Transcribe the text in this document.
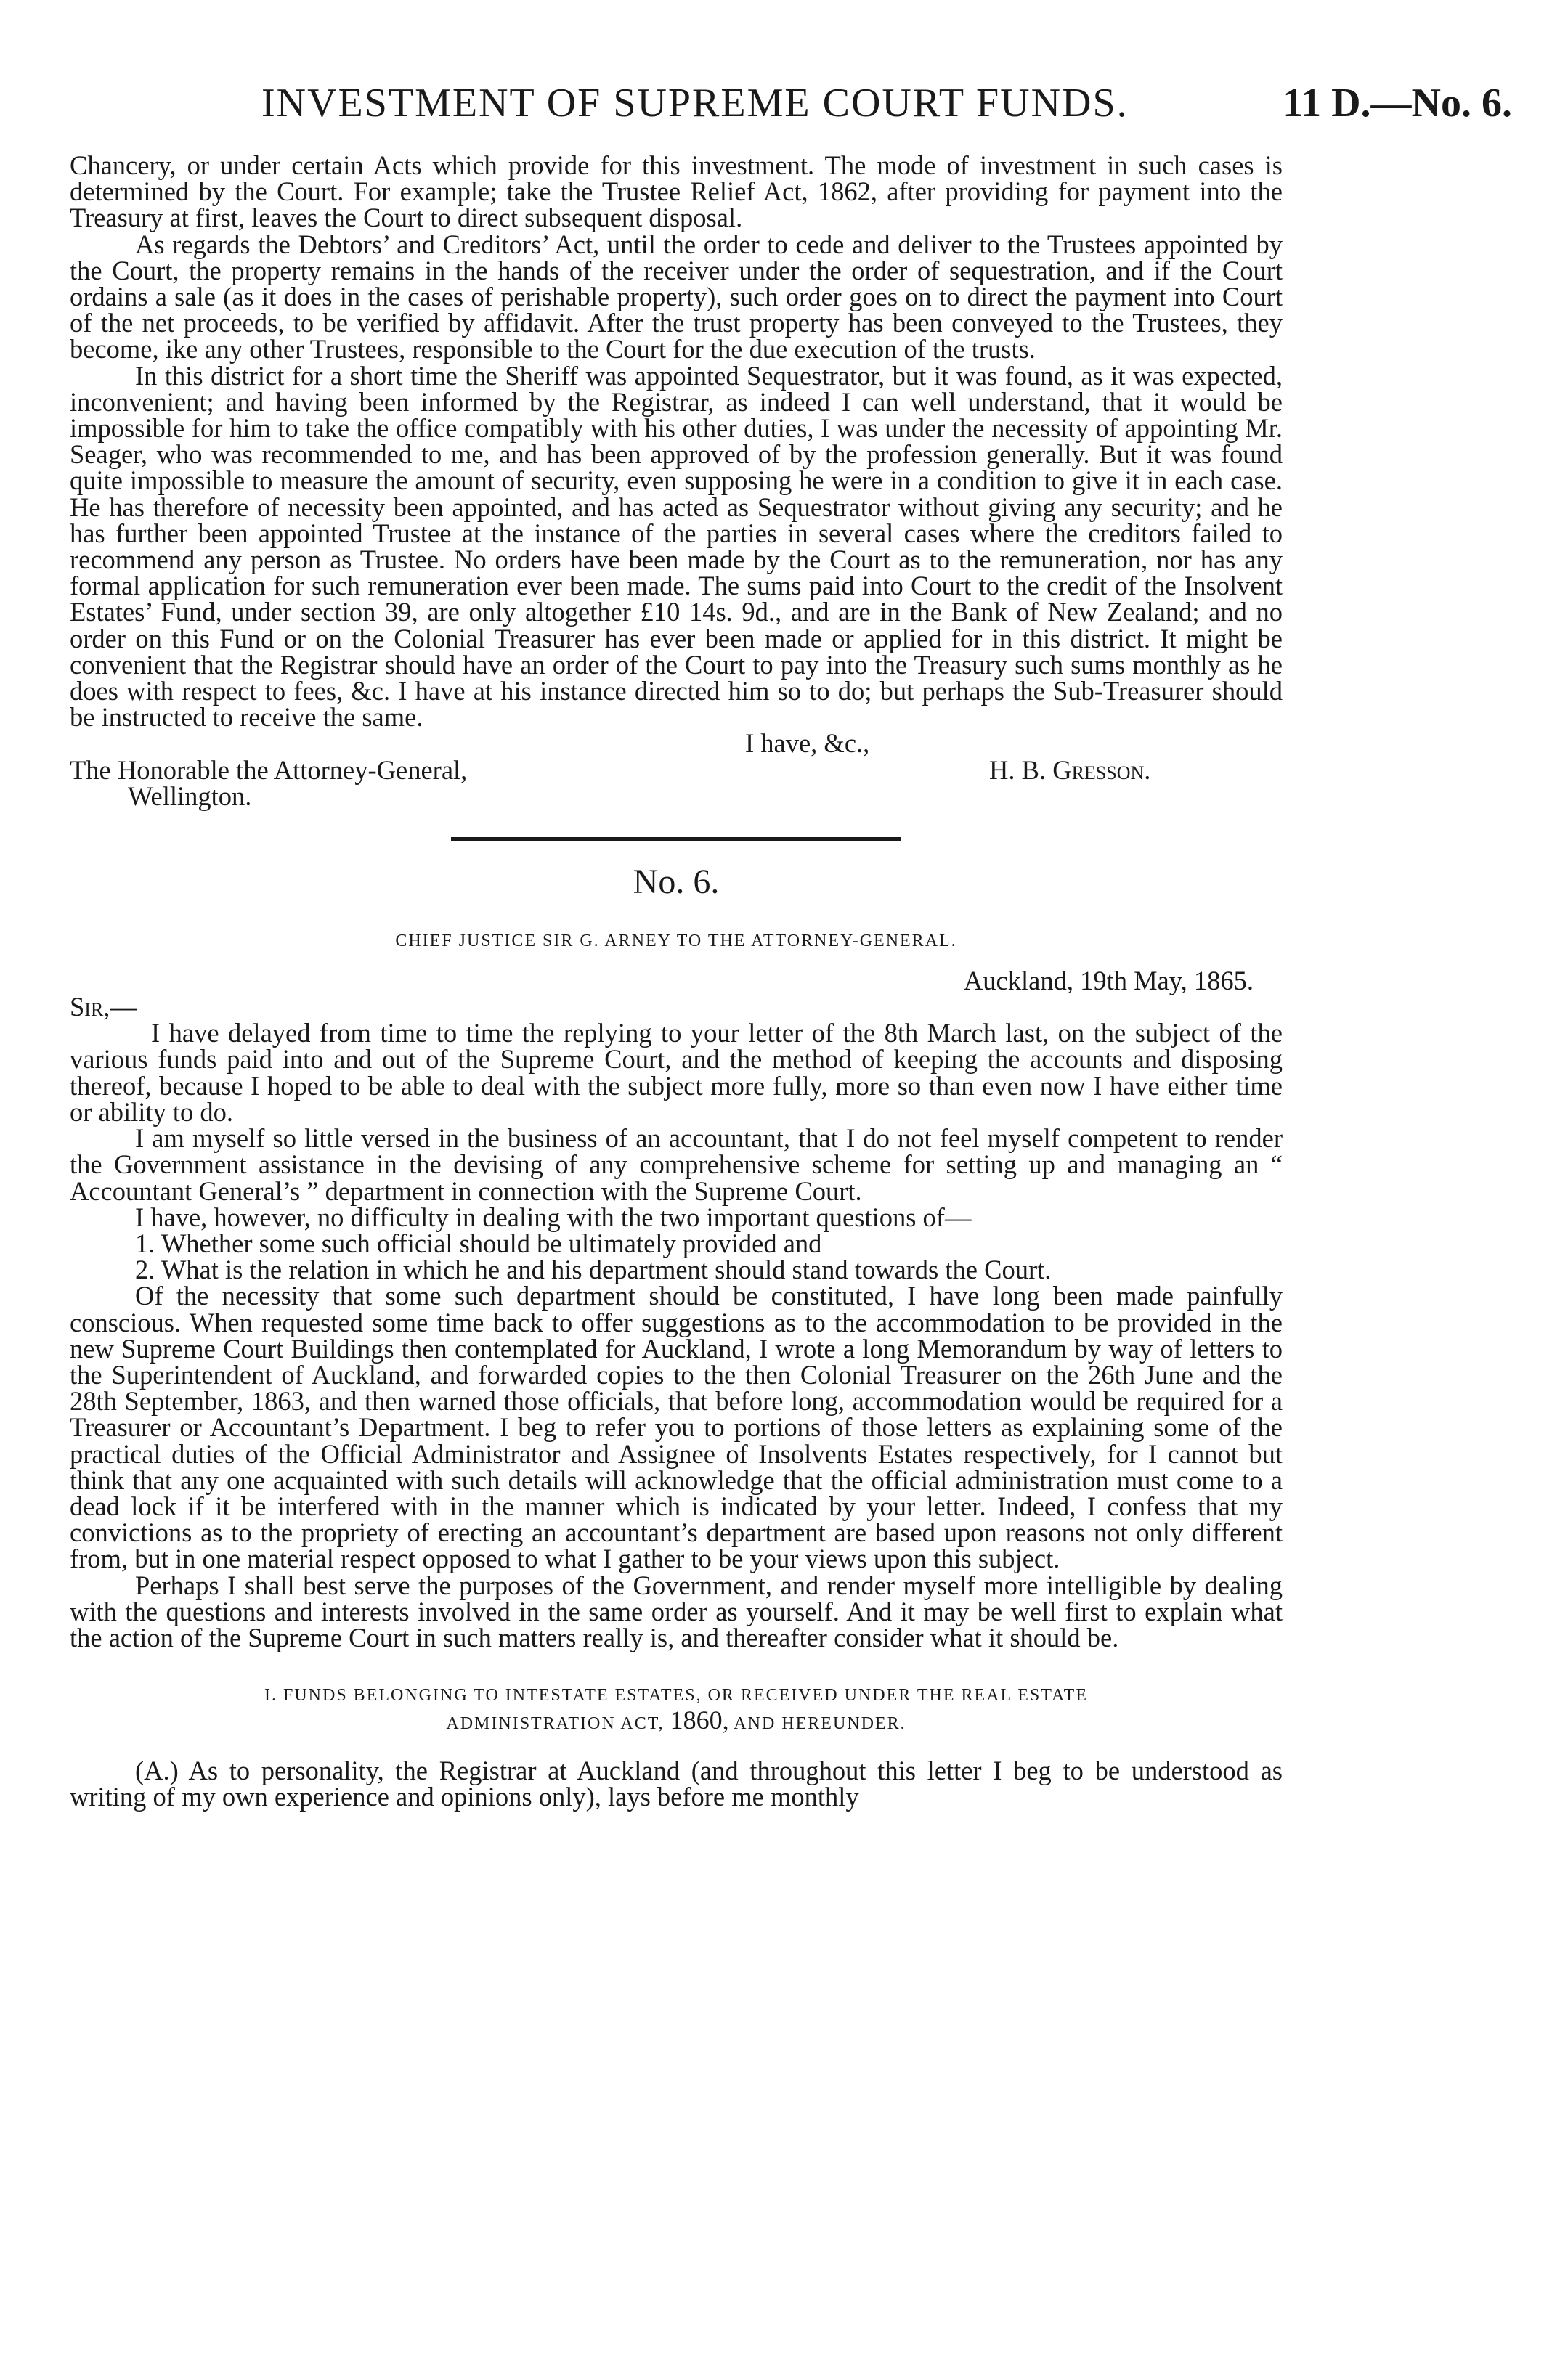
INVESTMENT OF SUPREME COURT FUNDS.	11 D.—No. 6.

Chancery, or under certain Acts which provide for this investment. The mode of investment in such cases is determined by the Court. For example; take the Trustee Relief Act, 1862, after providing for payment into the Treasury at first, leaves the Court to direct subsequent disposal.

As regards the Debtors’ and Creditors’ Act, until the order to cede and deliver to the Trustees appointed by the Court, the property remains in the hands of the receiver under the order of sequestration, and if the Court ordains a sale (as it does in the cases of perishable property), such order goes on to direct the payment into Court of the net proceeds, to be verified by affidavit. After the trust property has been conveyed to the Trustees, they become, ike any other Trustees, responsible to the Court for the due execution of the trusts.

In this district for a short time the Sheriff was appointed Sequestrator, but it was found, as it was expected, inconvenient; and having been informed by the Registrar, as indeed I can well understand, that it would be impossible for him to take the office compatibly with his other duties, I was under the necessity of appointing Mr. Seager, who was recommended to me, and has been approved of by the profession generally. But it was found quite impossible to measure the amount of security, even supposing he were in a condition to give it in each case. He has therefore of necessity been appointed, and has acted as Sequestrator without giving any security; and he has further been appointed Trustee at the instance of the parties in several cases where the creditors failed to recommend any person as Trustee. No orders have been made by the Court as to the remuneration, nor has any formal application for such remuneration ever been made. The sums paid into Court to the credit of the Insolvent Estates’ Fund, under section 39, are only altogether £10 14s. 9d., and are in the Bank of New Zealand; and no order on this Fund or on the Colonial Treasurer has ever been made or applied for in this district. It might be convenient that the Registrar should have an order of the Court to pay into the Treasury such sums monthly as he does with respect to fees, &c. I have at his instance directed him so to do; but perhaps the Sub-Treasurer should be instructed to receive the same.

I have, &c.,

The Honorable the Attorney-General,	H. B. Gresson.

Wellington.

No. 6.

CHIEF JUSTICE SIR G. ARNEY TO THE ATTORNEY-GENERAL.

Auckland, 19th May, 1865.

Sir,—

I have delayed from time to time the replying to your letter of the 8th March last, on the subject of the various funds paid into and out of the Supreme Court, and the method of keeping the accounts and disposing thereof, because I hoped to be able to deal with the subject more fully, more so than even now I have either time or ability to do.

I am myself so little versed in the business of an accountant, that I do not feel myself competent to render the Government assistance in the devising of any comprehensive scheme for setting up and managing an “ Accountant General’s ” department in connection with the Supreme Court.

I have, however, no difficulty in dealing with the two important questions of—

1. Whether some such official should be ultimately provided and

2. What is the relation in which he and his department should stand towards the Court.

Of the necessity that some such department should be constituted, I have long been made painfully conscious. When requested some time back to offer suggestions as to the accommodation to be provided in the new Supreme Court Buildings then contemplated for Auckland, I wrote a long Memorandum by way of letters to the Superintendent of Auckland, and forwarded copies to the then Colonial Treasurer on the 26th June and the 28th September, 1863, and then warned those officials, that before long, accommodation would be required for a Treasurer or Accountant’s Department. I beg to refer you to portions of those letters as explaining some of the practical duties of the Official Administrator and Assignee of Insolvents Estates respectively, for I cannot but think that any one acquainted with such details will acknowledge that the official administration must come to a dead lock if it be interfered with in the manner which is indicated by your letter. Indeed, I confess that my convictions as to the propriety of erecting an accountant’s department are based upon reasons not only different from, but in one material respect opposed to what I gather to be your views upon this subject.

Perhaps I shall best serve the purposes of the Government, and render myself more intelligible by dealing with the questions and interests involved in the same order as yourself. And it may be well first to explain what the action of the Supreme Court in such matters really is, and thereafter consider what it should be.

I. FUNDS BELONGING TO INTESTATE ESTATES, OR RECEIVED UNDER THE REAL ESTATE
ADMINISTRATION ACT, 1860, AND HEREUNDER.

(A.) As to personality, the Registrar at Auckland (and throughout this letter I beg to be understood as writing of my own experience and opinions only), lays before me monthly
